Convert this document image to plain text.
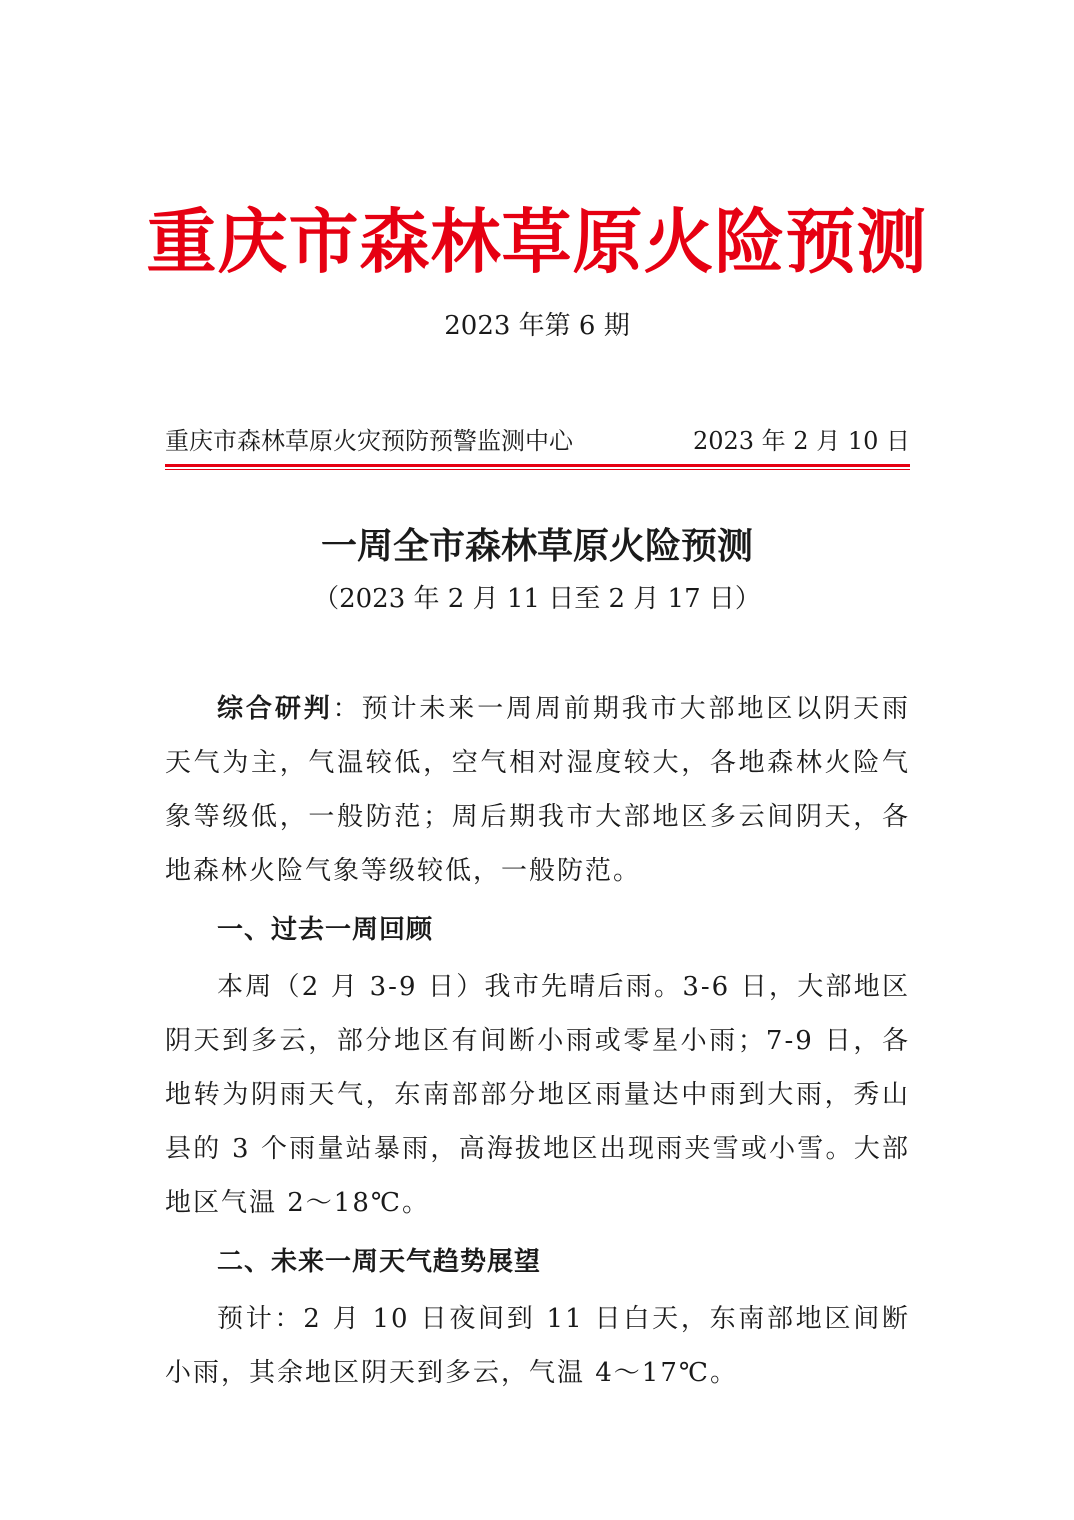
重庆市森林草原火险预测
2023 年第 6 期
重庆市森林草原火灾预防预警监测中心	2023 年 2 月 10 日
一周全市森林草原火险预测
（2023 年 2 月 11 日至 2 月 17 日）

综合研判：预计未来一周周前期我市大部地区以阴天雨天气为主，气温较低，空气相对湿度较大，各地森林火险气象等级低，一般防范；周后期我市大部地区多云间阴天，各地森林火险气象等级较低，一般防范。

一、过去一周回顾

本周（2 月 3-9 日）我市先晴后雨。3-6 日，大部地区阴天到多云，部分地区有间断小雨或零星小雨；7-9 日，各地转为阴雨天气，东南部部分地区雨量达中雨到大雨，秀山县的 3 个雨量站暴雨，高海拔地区出现雨夹雪或小雪。大部地区气温 2～18℃。

二、未来一周天气趋势展望

预计：2 月 10 日夜间到 11 日白天，东南部地区间断小雨，其余地区阴天到多云，气温 4～17℃。
